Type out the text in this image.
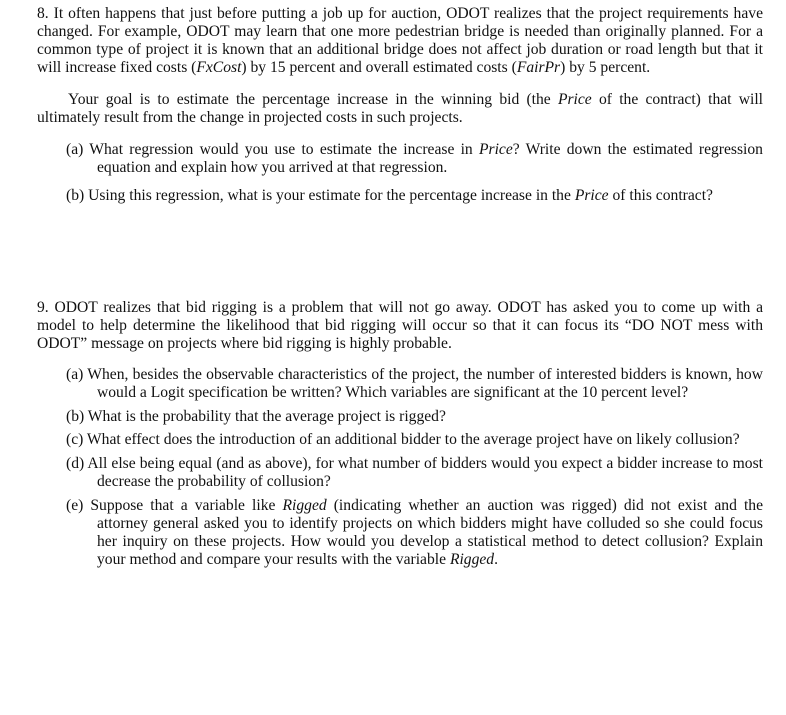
8. It often happens that just before putting a job up for auction, ODOT realizes that the project requirements have changed. For example, ODOT may learn that one more pedestrian bridge is needed than originally planned. For a common type of project it is known that an additional bridge does not affect job duration or road length but that it will increase fixed costs (FxCost) by 15 percent and overall estimated costs (FairPr) by 5 percent.

Your goal is to estimate the percentage increase in the winning bid (the Price of the contract) that will ultimately result from the change in projected costs in such projects.

(a) What regression would you use to estimate the increase in Price? Write down the estimated regression equation and explain how you arrived at that regression.

(b) Using this regression, what is your estimate for the percentage increase in the Price of this contract?

9. ODOT realizes that bid rigging is a problem that will not go away. ODOT has asked you to come up with a model to help determine the likelihood that bid rigging will occur so that it can focus its “DO NOT mess with ODOT” message on projects where bid rigging is highly probable.

(a) When, besides the observable characteristics of the project, the number of interested bidders is known, how would a Logit specification be written? Which variables are significant at the 10 percent level?

(b) What is the probability that the average project is rigged?

(c) What effect does the introduction of an additional bidder to the average project have on likely collusion?

(d) All else being equal (and as above), for what number of bidders would you expect a bidder increase to most decrease the probability of collusion?

(e) Suppose that a variable like Rigged (indicating whether an auction was rigged) did not exist and the attorney general asked you to identify projects on which bidders might have colluded so she could focus her inquiry on these projects. How would you develop a statistical method to detect collusion? Explain your method and compare your results with the variable Rigged.
